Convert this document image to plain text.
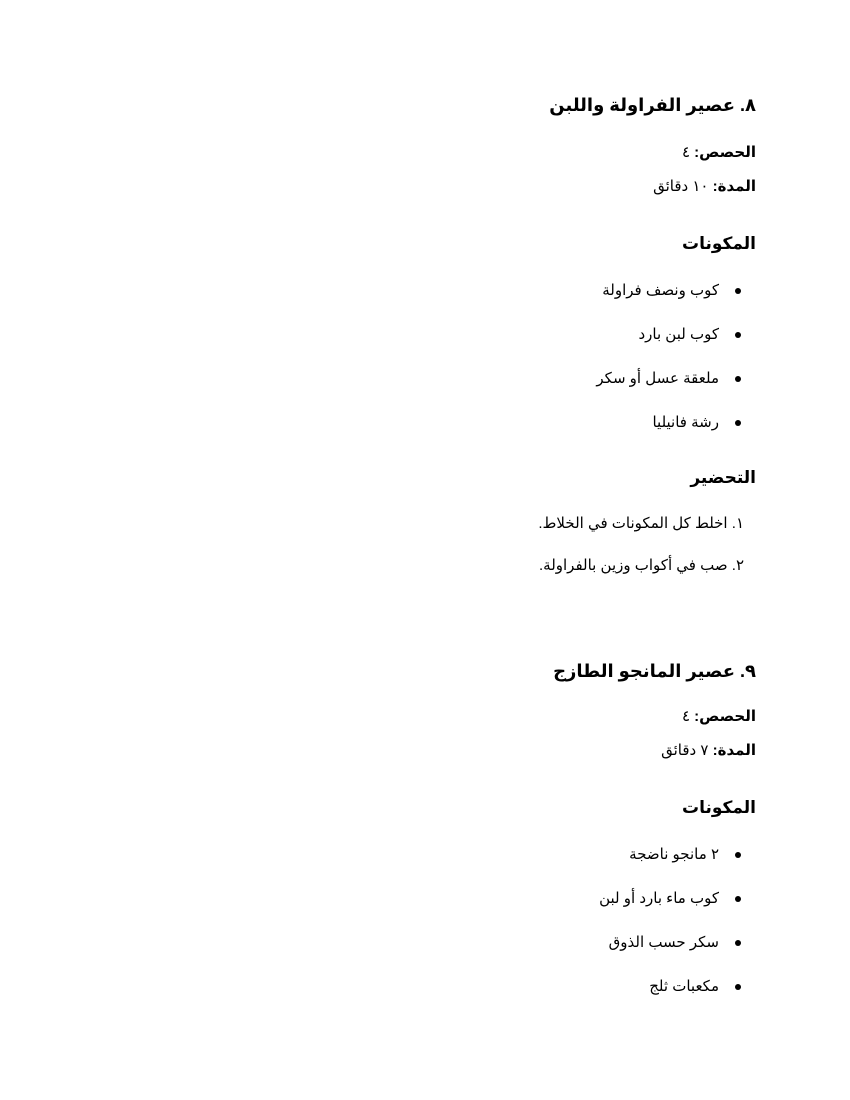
٨. عصير الفراولة واللبن
الحصص: ٤
المدة: ١٠ دقائق
المكونات
كوب ونصف فراولة
كوب لبن بارد
ملعقة عسل أو سكر
رشة فانيليا
التحضير
١. اخلط كل المكونات في الخلاط.
٢. صب في أكواب وزين بالفراولة.
٩. عصير المانجو الطازج
الحصص: ٤
المدة: ٧ دقائق
المكونات
٢ مانجو ناضجة
كوب ماء بارد أو لبن
سكر حسب الذوق
مكعبات ثلج
